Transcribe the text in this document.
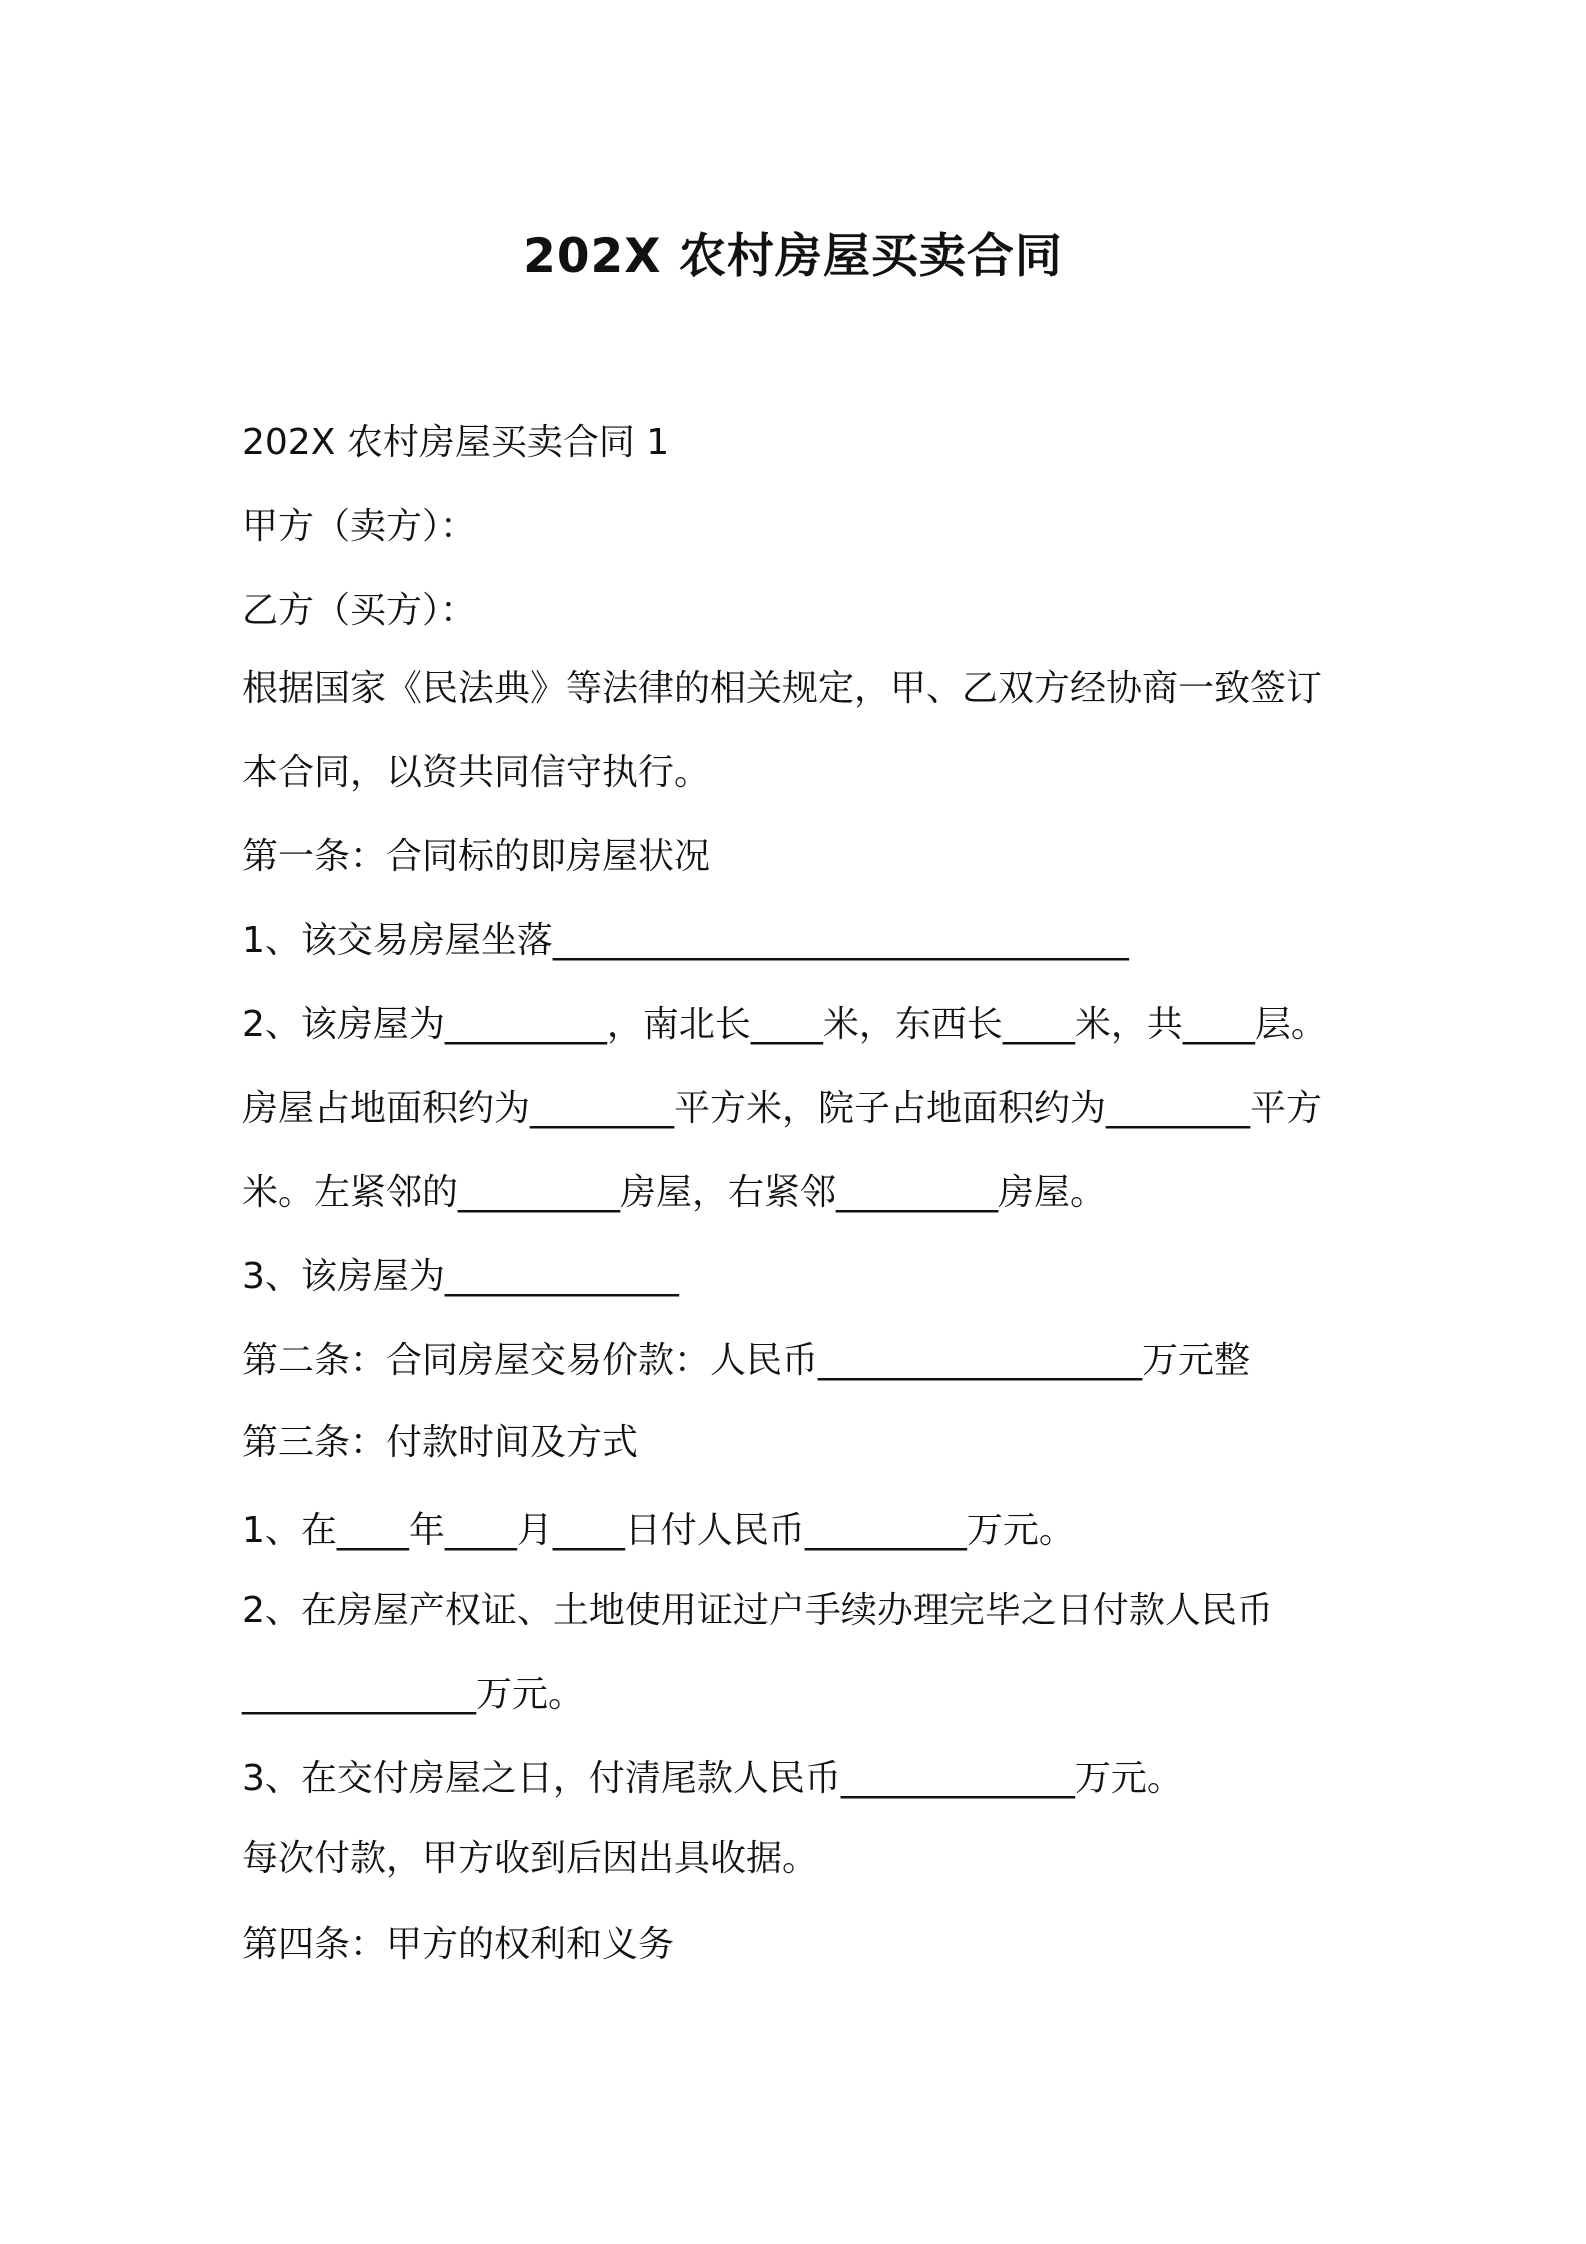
202X 农村房屋买卖合同
202X 农村房屋买卖合同 1
甲方（卖方）：
乙方（买方）：
根据国家《民法典》等法律的相关规定，甲、乙双方经协商一致签订
本合同，以资共同信守执行。
第一条：合同标的即房屋状况
1、该交易房屋坐落________________________________
2、该房屋为_________，南北长____米，东西长____米，共____层。
房屋占地面积约为________平方米，院子占地面积约为________平方
米。左紧邻的_________房屋，右紧邻_________房屋。
3、该房屋为_____________
第二条：合同房屋交易价款：人民币__________________万元整
第三条：付款时间及方式
1、在____年____月____日付人民币_________万元。
2、在房屋产权证、土地使用证过户手续办理完毕之日付款人民币
_____________万元。
3、在交付房屋之日，付清尾款人民币_____________万元。
每次付款，甲方收到后因出具收据。
第四条：甲方的权利和义务
